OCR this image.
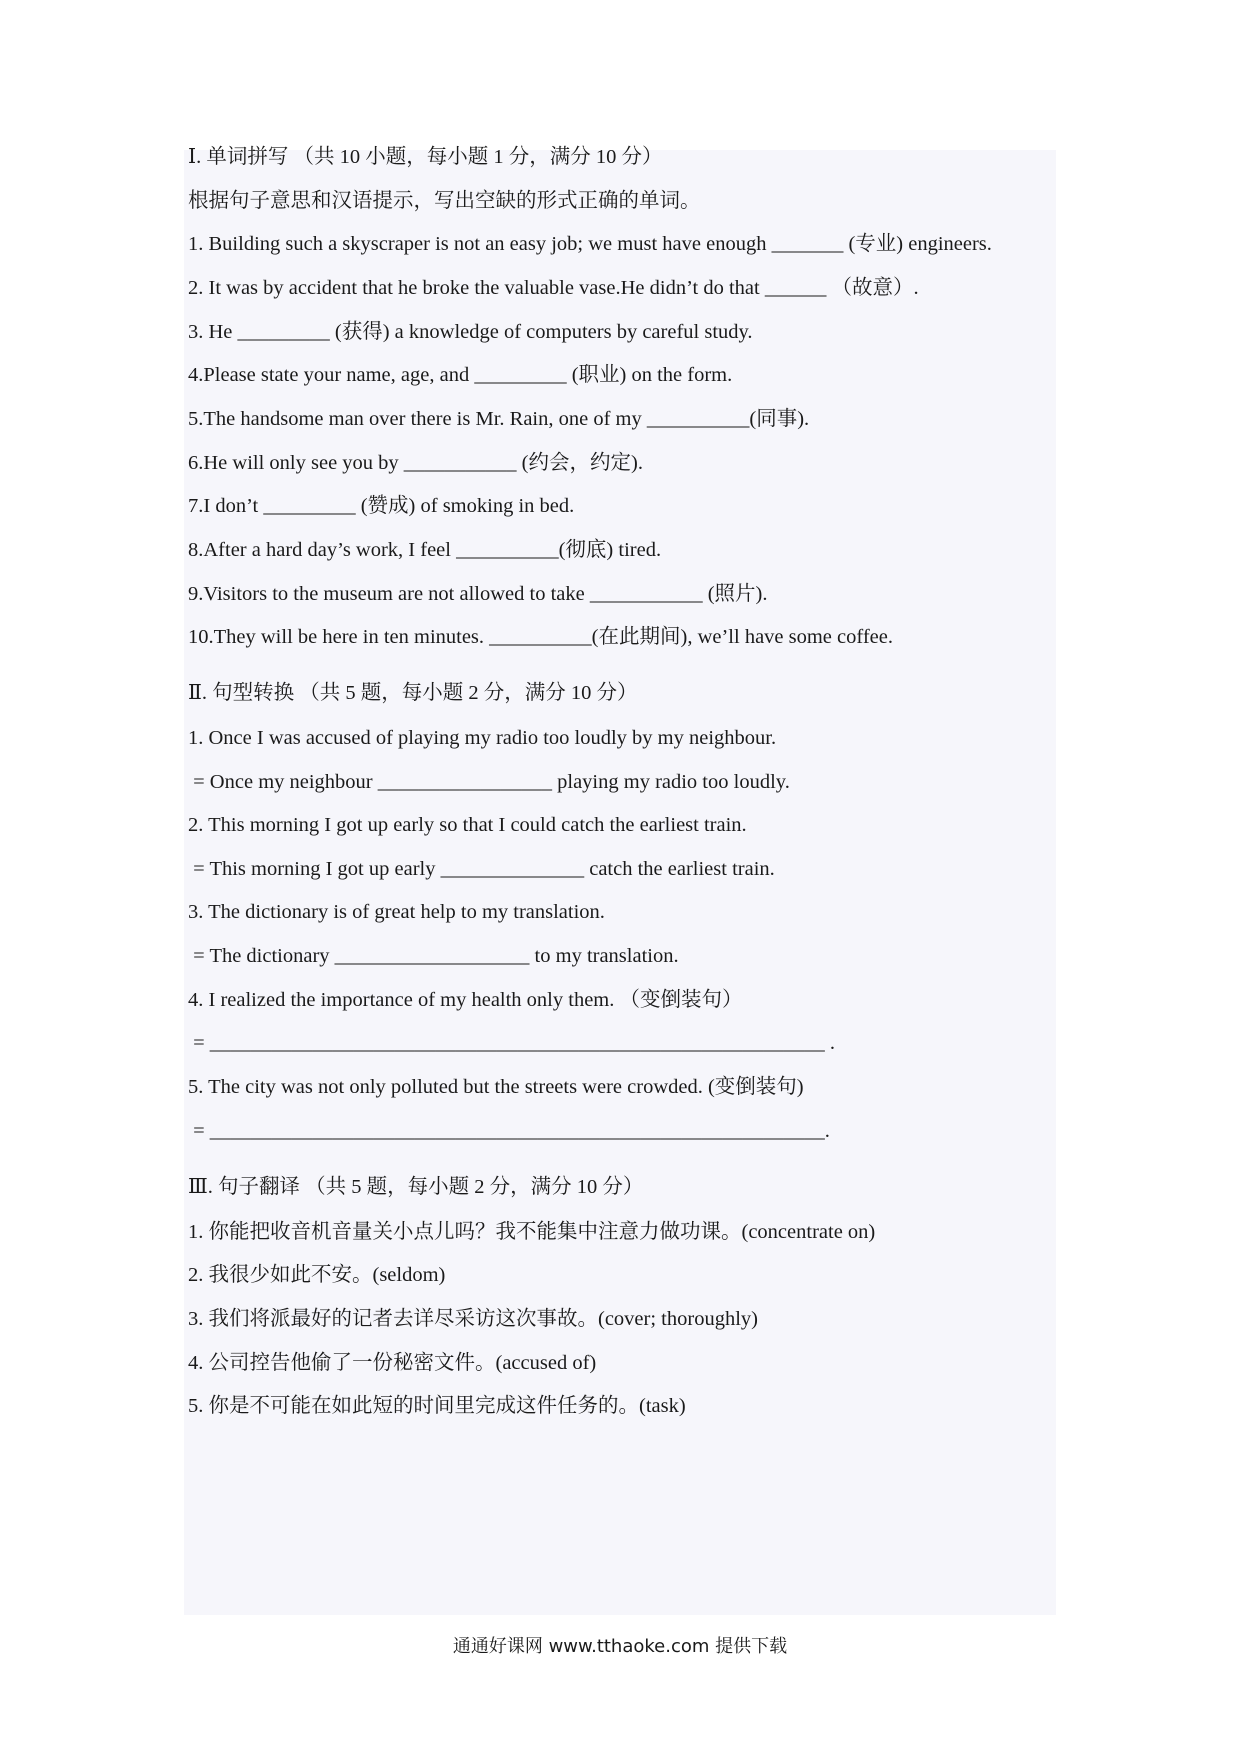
Ⅰ. 单词拼写 （共 10 小题，每小题 1 分，满分 10 分）
根据句子意思和汉语提示，写出空缺的形式正确的单词。
1. Building such a skyscraper is not an easy job; we must have enough _______ (专业) engineers.
2. It was by accident that he broke the valuable vase.He didn’t do that ______ （故意）.
3. He _________ (获得) a knowledge of computers by careful study.
4.Please state your name, age, and _________ (职业) on the form.
5.The handsome man over there is Mr. Rain, one of my __________(同事).
6.He will only see you by ___________ (约会，约定).
7.I don’t _________ (赞成) of smoking in bed.
8.After a hard day’s work, I feel __________(彻底) tired.
9.Visitors to the museum are not allowed to take ___________ (照片).
10.They will be here in ten minutes. __________(在此期间), we’ll have some coffee.
Ⅱ. 句型转换 （共 5 题，每小题 2 分，满分 10 分）
1. Once I was accused of playing my radio too loudly by my neighbour.
= Once my neighbour _________________ playing my radio too loudly.
2. This morning I got up early so that I could catch the earliest train.
= This morning I got up early ______________ catch the earliest train.
3. The dictionary is of great help to my translation.
= The dictionary ___________________ to my translation.
4. I realized the importance of my health only them. （变倒装句）
= ____________________________________________________________ .
5. The city was not only polluted but the streets were crowded. (变倒装句)
= ____________________________________________________________.
Ⅲ. 句子翻译 （共 5 题，每小题 2 分，满分 10 分）
1. 你能把收音机音量关小点儿吗？我不能集中注意力做功课。(concentrate on)
2. 我很少如此不安。(seldom)
3. 我们将派最好的记者去详尽采访这次事故。(cover; thoroughly)
4. 公司控告他偷了一份秘密文件。(accused of)
5. 你是不可能在如此短的时间里完成这件任务的。(task)
通通好课网 www.tthaoke.com 提供下载
